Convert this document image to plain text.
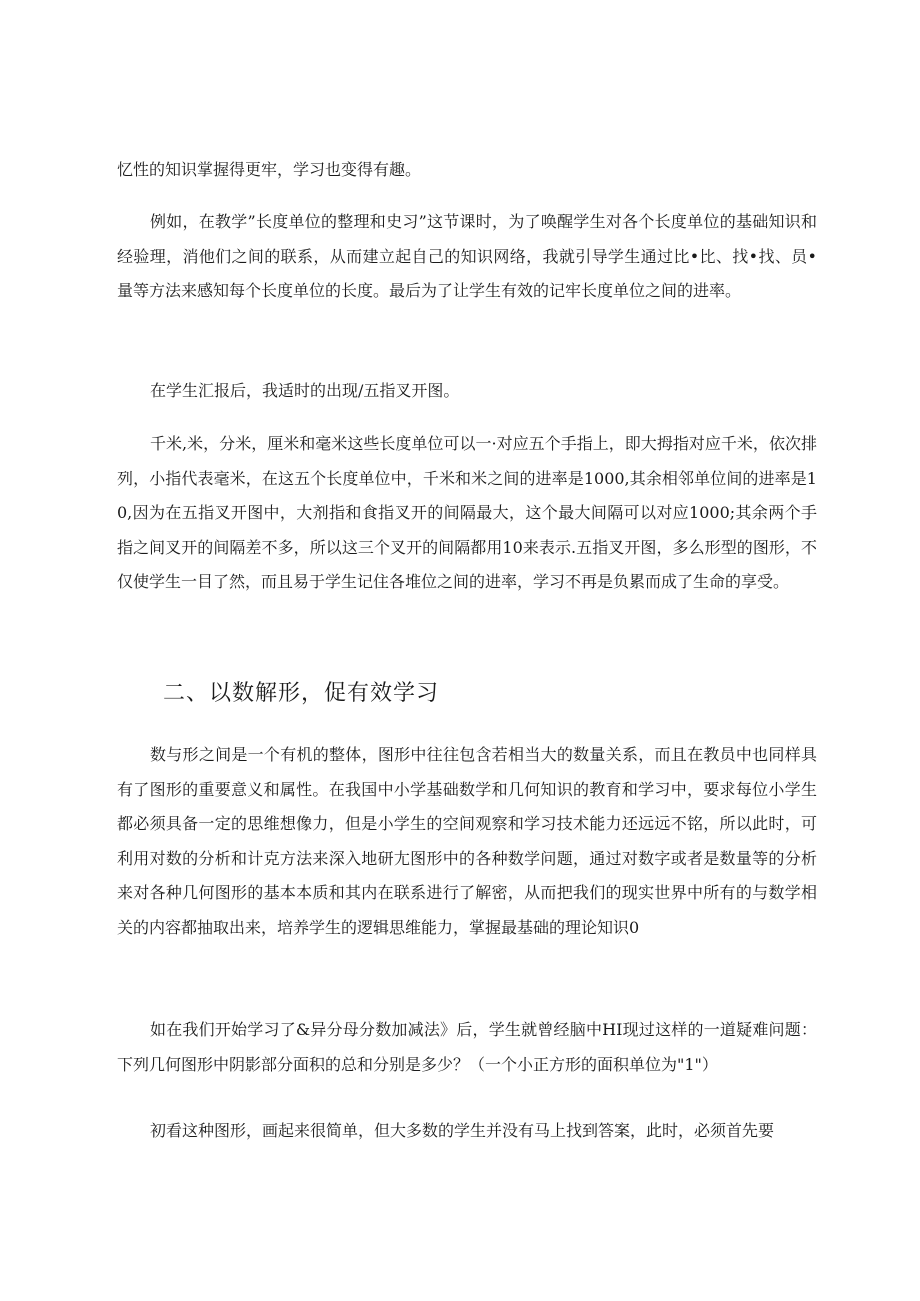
忆性的知识掌握得更牢，学习也变得有趣。

例如，在教学”长度单位的整理和史习”这节课时，为了唤醒学生对各个长度单位的基础知识和经验理，消他们之间的联系，从而建立起自己的知识网络，我就引导学生通过比•比、找•找、员•量等方法来感知每个长度单位的长度。最后为了让学生有效的记牢长度单位之间的进率。

在学生汇报后，我适时的出现/五指叉开图。

千米,米，分米，厘米和毫米这些长度单位可以一·对应五个手指上，即大拇指对应千米，依次排列，小指代表毫米，在这五个长度单位中，千米和米之间的进率是1000,其余相邻单位间的进率是10,因为在五指叉开图中，大剂指和食指叉开的间隔最大，这个最大间隔可以对应1000;其余两个手指之间叉开的间隔差不多，所以这三个叉开的间隔都用10来表示.五指叉开图，多么形型的图形，不仅使学生一目了然，而且易于学生记住各堆位之间的进率，学习不再是负累而成了生命的享受。

二、以数解形，促有效学习

数与形之间是一个有机的整体，图形中往往包含若相当大的数量关系，而且在教员中也同样具有了图形的重要意义和属性。在我国中小学基础数学和几何知识的教育和学习中，要求每位小学生都必须具备一定的思维想像力，但是小学生的空间观察和学习技术能力还远远不铭，所以此时，可利用对数的分析和计克方法来深入地研尢图形中的各种数学问题，通过对数字或者是数量等的分析来对各种几何图形的基本本质和其内在联系进行了解密，从而把我们的现实世界中所有的与数学相关的内容都抽取出来，培养学生的逻辑思维能力，掌握最基础的理论知识0

如在我们开始学习了&异分母分数加减法》后，学生就曾经脑中HI现过这样的一道疑难问题：下列几何图形中阴影部分面积的总和分别是多少？（一个小正方形的面积单位为"1"）

初看这种图形，画起来很简单，但大多数的学生并没有马上找到答案，此时，必须首先要
